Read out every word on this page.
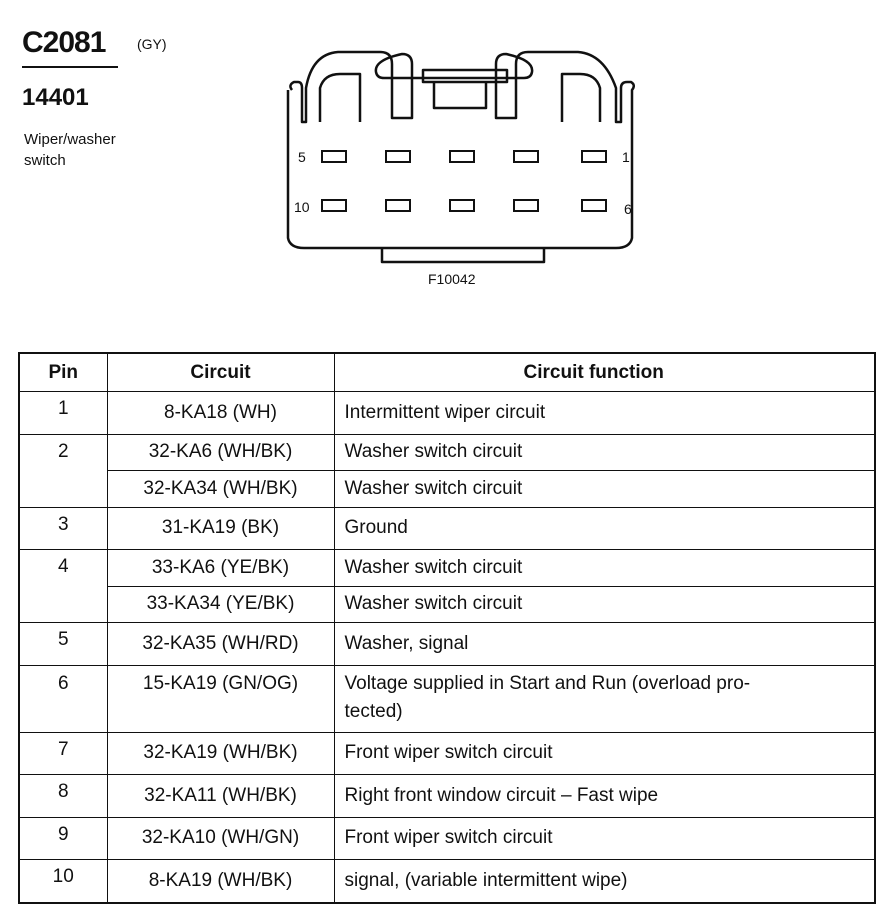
C2081 (GY)
14401
Wiper/washer
switch	5	1
10	6
F10042
Pin	Circuit	Circuit function
1	8-KA18 (WH)	Intermittent wiper circuit
2	32-KA6 (WH/BK)	Washer switch circuit
	32-KA34 (WH/BK)	Washer switch circuit
3	31-KA19 (BK)	Ground
4	33-KA6 (YE/BK)	Washer switch circuit
	33-KA34 (YE/BK)	Washer switch circuit
5	32-KA35 (WH/RD)	Washer, signal
6	15-KA19 (GN/OG)	Voltage supplied in Start and Run (overload pro-
tected)

7	32-KA19 (WH/BK)	Front wiper switch circuit
8	32-KA11 (WH/BK)	Right front window circuit – Fast wipe
9	32-KA10 (WH/GN)	Front wiper switch circuit
10	8-KA19 (WH/BK)	signal, (variable intermittent wipe)
